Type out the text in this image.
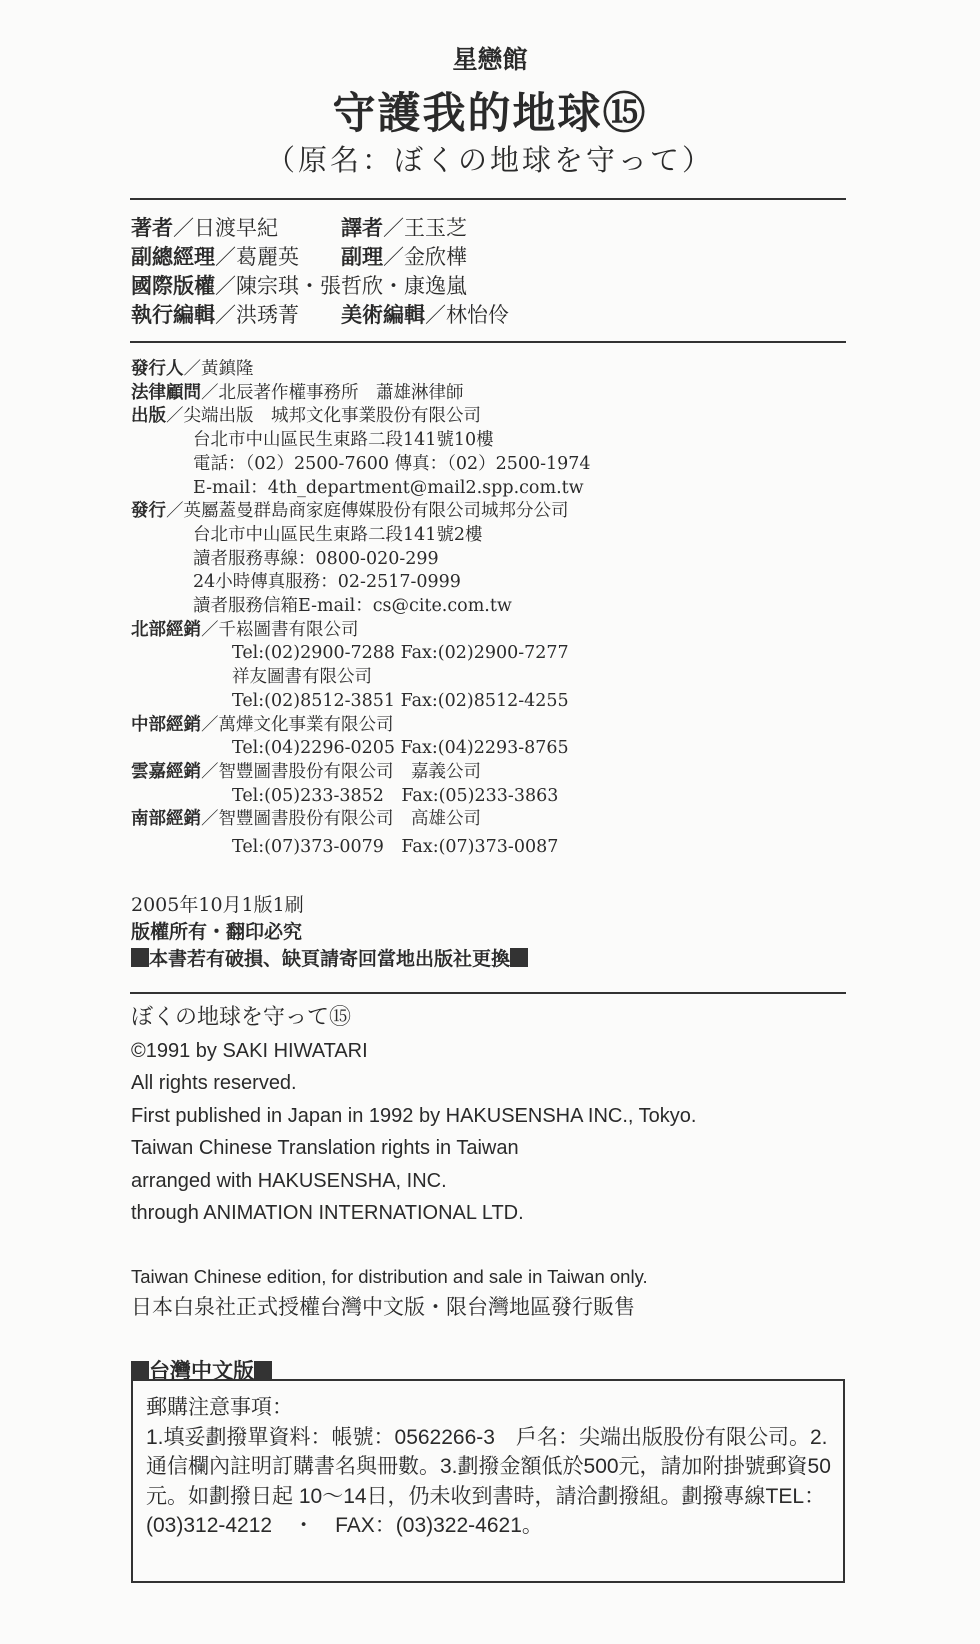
星戀館
守護我的地球⑮
（原名：ぼくの地球を守って）
著者／日渡早紀	譯者／王玉芝
副總經理／葛麗英 副理／金欣樺
國際版權／陳宗琪・張哲欣・康逸嵐
執行編輯／洪琇菁 美術編輯／林怡伶
發行人／黃鎮隆
法律顧問／北辰著作權事務所　蕭雄淋律師
出版／尖端出版　城邦文化事業股份有限公司
台北市中山區民生東路二段141號10樓
電話：（02）2500-7600 傳真：（02）2500-1974
E-mail：4th_department@mail2.spp.com.tw
發行／英屬蓋曼群島商家庭傳媒股份有限公司城邦分公司
台北市中山區民生東路二段141號2樓
讀者服務專線：0800-020-299
24小時傳真服務：02-2517-0999
讀者服務信箱E-mail：cs@cite.com.tw
北部經銷／千崧圖書有限公司
Tel:(02)2900-7288 Fax:(02)2900-7277
祥友圖書有限公司
Tel:(02)8512-3851 Fax:(02)8512-4255
中部經銷／萬燁文化事業有限公司
Tel:(04)2296-0205 Fax:(04)2293-8765
雲嘉經銷／智豐圖書股份有限公司　嘉義公司
Tel:(05)233-3852　Fax:(05)233-3863
南部經銷／智豐圖書股份有限公司　高雄公司
Tel:(07)373-0079　Fax:(07)373-0087
2005年10月1版1刷
版權所有・翻印必究
本書若有破損、缺頁請寄回當地出版社更換
ぼくの地球を守って⑮
©1991 by SAKI HIWATARI
All rights reserved.
First published in Japan in 1992 by HAKUSENSHA INC., Tokyo.
Taiwan Chinese Translation rights in Taiwan
arranged with HAKUSENSHA, INC.
through ANIMATION INTERNATIONAL LTD.
Taiwan Chinese edition, for distribution and sale in Taiwan only.
日本白泉社正式授權台灣中文版・限台灣地區發行販售
台灣中文版
郵購注意事項：
1.填妥劃撥單資料：帳號：0562266-3　戶名：尖端出版股份有限公司。2.通信欄內註明訂購書名與冊數。3.劃撥金額低於500元，請加附掛號郵資50元。如劃撥日起 10～14日，仍未收到書時，請洽劃撥組。劃撥專線TEL：(03)312-4212　・　FAX：(03)322-4621。
